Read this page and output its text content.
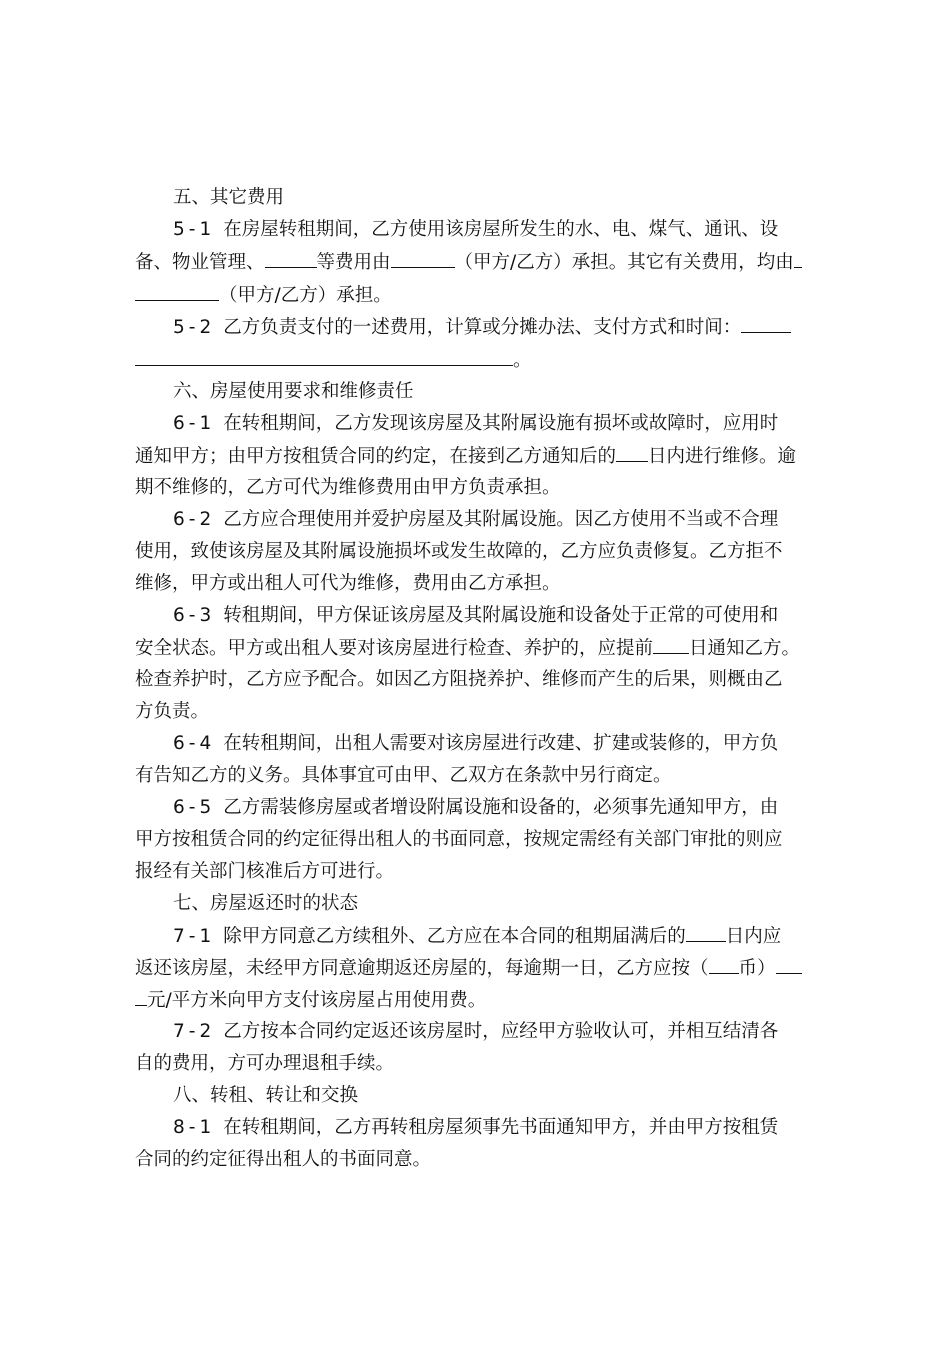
五、其它费用
5-1 在房屋转租期间，乙方使用该房屋所发生的水、电、煤气、通讯、设
备、物业管理、	等费用由	（甲方/乙方）承担。其它有关费用，均由
（甲方/乙方）承担。
5-2 乙方负责支付的一述费用，计算或分摊办法、支付方式和时间：
。
六、房屋使用要求和维修责任
6-1 在转租期间，乙方发现该房屋及其附属设施有损坏或故障时，应用时
通知甲方；由甲方按租赁合同的约定，在接到乙方通知后的 日内进行维修。逾
期不维修的，乙方可代为维修费用由甲方负责承担。
6-2 乙方应合理使用并爱护房屋及其附属设施。因乙方使用不当或不合理
使用，致使该房屋及其附属设施损坏或发生故障的，乙方应负责修复。乙方拒不
维修，甲方或出租人可代为维修，费用由乙方承担。
6-3 转租期间，甲方保证该房屋及其附属设施和设备处于正常的可使用和
安全状态。甲方或出租人要对该房屋进行检查、养护的，应提前 日通知乙方。
检查养护时，乙方应予配合。如因乙方阻挠养护、维修而产生的后果，则概由乙
方负责。
6-4 在转租期间，出租人需要对该房屋进行改建、扩建或装修的，甲方负
有告知乙方的义务。具体事宜可由甲、乙双方在条款中另行商定。
6-5 乙方需装修房屋或者增设附属设施和设备的，必须事先通知甲方，由
甲方按租赁合同的约定征得出租人的书面同意，按规定需经有关部门审批的则应
报经有关部门核准后方可进行。
七、房屋返还时的状态
7-1 除甲方同意乙方续租外、乙方应在本合同的租期届满后的 日内应
返还该房屋，未经甲方同意逾期返还房屋的，每逾期一日，乙方应按（ 币）
元/平方米向甲方支付该房屋占用使用费。
7-2 乙方按本合同约定返还该房屋时，应经甲方验收认可，并相互结清各
自的费用，方可办理退租手续。
八、转租、转让和交换
8-1 在转租期间，乙方再转租房屋须事先书面通知甲方，并由甲方按租赁
合同的约定征得出租人的书面同意。
